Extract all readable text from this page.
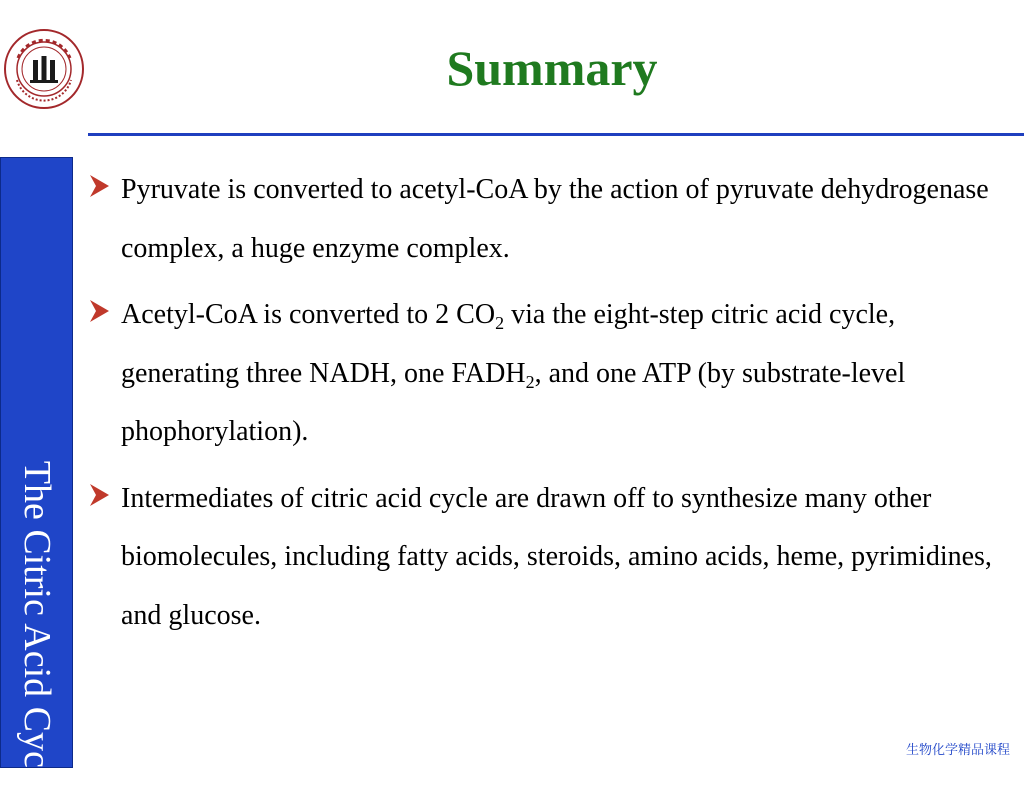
Summary
The Citric Acid Cycle
Pyruvate is converted to acetyl-CoA by the action of pyruvate dehydrogenase complex, a huge enzyme complex.
Acetyl-CoA is converted to 2 $CO_2$ via the eight-step citric acid cycle, generating three NADH, one $FADH_2$, and one ATP (by substrate-level phophorylation).
Intermediates of citric acid cycle are drawn off to synthesize many other biomolecules, including fatty acids, steroids, amino acids, heme, pyrimidines, and glucose.
生物化学精品课程
